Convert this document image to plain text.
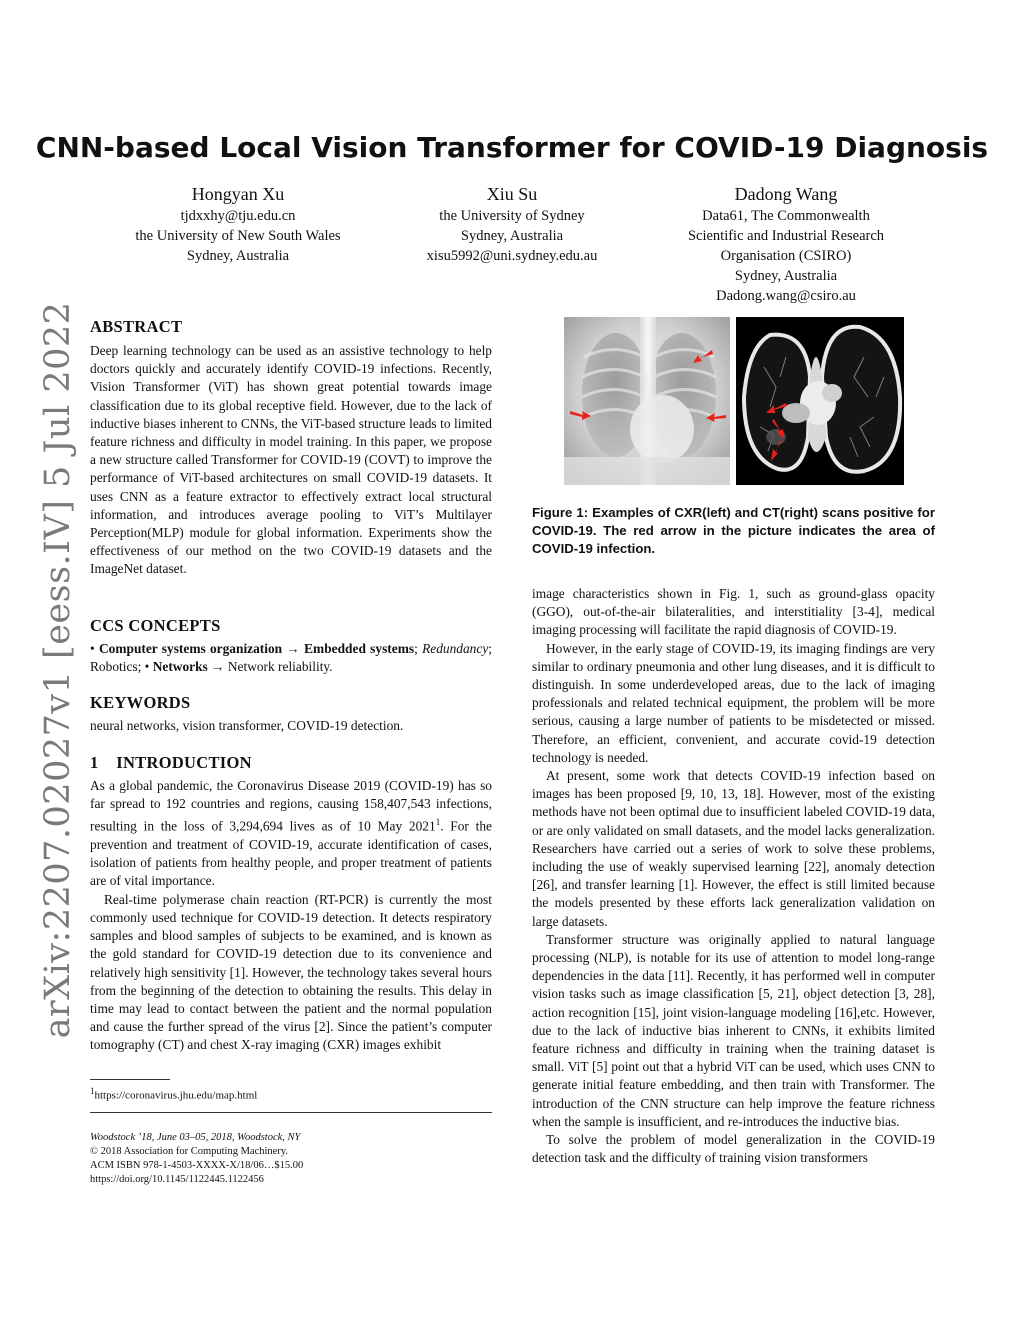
arXiv:2207.02027v1 [eess.IV] 5 Jul 2022
CNN-based Local Vision Transformer for COVID-19 Diagnosis
Hongyan Xu
tjdxxhy@tju.edu.cn
the University of New South Wales
Sydney, Australia
Xiu Su
the University of Sydney
Sydney, Australia
xisu5992@uni.sydney.edu.au
Dadong Wang
Data61, The Commonwealth
Scientific and Industrial Research
Organisation (CSIRO)
Sydney, Australia
Dadong.wang@csiro.au
ABSTRACT

Deep learning technology can be used as an assistive technology to help doctors quickly and accurately identify COVID-19 infections. Recently, Vision Transformer (ViT) has shown great potential towards image classification due to its global receptive field. However, due to the lack of inductive biases inherent to CNNs, the ViT-based structure leads to limited feature richness and difficulty in model training. In this paper, we propose a new structure called Transformer for COVID-19 (COVT) to improve the performance of ViT-based architectures on small COVID-19 datasets. It uses CNN as a feature extractor to effectively extract local structural information, and introduces average pooling to ViT’s Multilayer Perception(MLP) module for global information. Experiments show the effectiveness of our method on the two COVID-19 datasets and the ImageNet dataset.

CCS CONCEPTS

• Computer systems organization → Embedded systems; Redundancy; Robotics; • Networks → Network reliability.

KEYWORDS

neural networks, vision transformer, COVID-19 detection.

1    INTRODUCTION

As a global pandemic, the Coronavirus Disease 2019 (COVID-19) has so far spread to 192 countries and regions, causing 158,407,543 infections, resulting in the loss of 3,294,694 lives as of 10 May 2021$^1$. For the prevention and treatment of COVID-19, accurate identification of cases, isolation of patients from healthy people, and proper treatment of patients are of vital importance.

Real-time polymerase chain reaction (RT-PCR) is currently the most commonly used technique for COVID-19 detection. It detects respiratory samples and blood samples of subjects to be examined, and is known as the gold standard for COVID-19 detection due to its convenience and relatively high sensitivity [1]. However, the technology takes several hours from the beginning of the detection to obtaining the results. This delay in time may lead to contact between the patient and the normal population and cause the further spread of the virus [2]. Since the patient’s computer tomography (CT) and chest X-ray imaging (CXR) images exhibit

$^1$https://coronavirus.jhu.edu/map.html
Woodstock ’18, June 03–05, 2018, Woodstock, NY
© 2018 Association for Computing Machinery.
ACM ISBN 978-1-4503-XXXX-X/18/06…$15.00
https://doi.org/10.1145/1122445.1122456
Figure 1: Examples of CXR(left) and CT(right) scans positive for COVID-19. The red arrow in the picture indicates the area of COVID-19 infection.

image characteristics shown in Fig. 1, such as ground-glass opacity (GGO), out-of-the-air bilateralities, and interstitiality [3-4], medical imaging processing will facilitate the rapid diagnosis of COVID-19.

However, in the early stage of COVID-19, its imaging findings are very similar to ordinary pneumonia and other lung diseases, and it is difficult to distinguish. In some underdeveloped areas, due to the lack of imaging professionals and related technical equipment, the problem will be more serious, causing a large number of patients to be misdetected or missed. Therefore, an efficient, convenient, and accurate covid-19 detection technology is needed.

At present, some work that detects COVID-19 infection based on images has been proposed [9, 10, 13, 18]. However, most of the existing methods have not been optimal due to insufficient labeled COVID-19 data, or are only validated on small datasets, and the model lacks generalization. Researchers have carried out a series of work to solve these problems, including the use of weakly supervised learning [22], anomaly detection [26], and transfer learning [1]. However, the effect is still limited because the models presented by these efforts lack generalization validation on large datasets.

Transformer structure was originally applied to natural language processing (NLP), is notable for its use of attention to model long-range dependencies in the data [11]. Recently, it has performed well in computer vision tasks such as image classification [5, 21], object detection [3, 28], action recognition [15], joint vision-language modeling [16],etc. However, due to the lack of inductive bias inherent to CNNs, it exhibits limited feature richness and difficulty in training when the training dataset is small. ViT [5] point out that a hybrid ViT can be used, which uses CNN to generate initial feature embedding, and then train with Transformer. The introduction of the CNN structure can help improve the feature richness when the sample is insufficient, and re-introduces the inductive bias.

To solve the problem of model generalization in the COVID-19 detection task and the difficulty of training vision transformers
